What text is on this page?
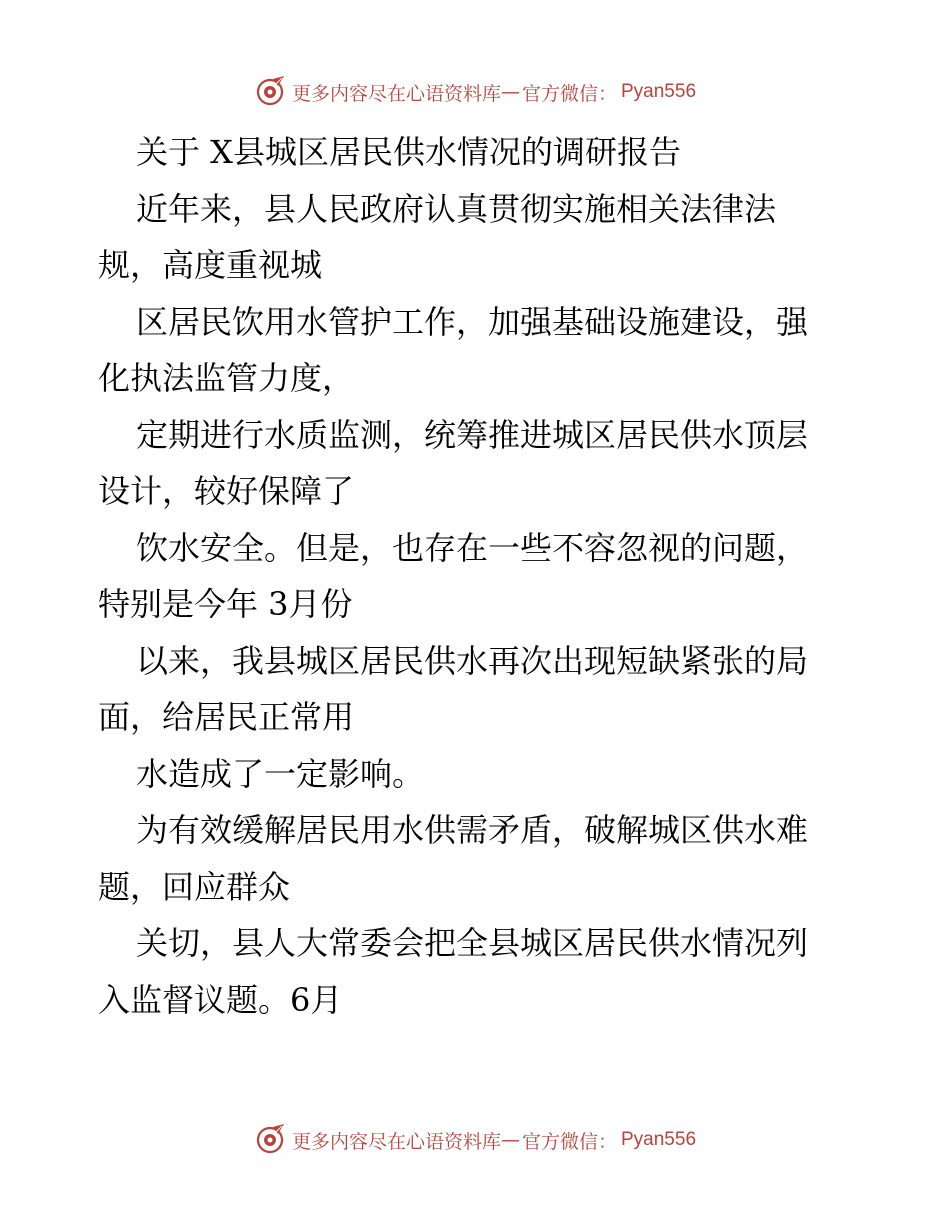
更多内容尽在心语资料库 — 官方微信： Pyan556
关于 X县城区居民供水情况的调研报告
近年来，县人民政府认真贯彻实施相关法律法
规，高度重视城
区居民饮用水管护工作，加强基础设施建设，强
化执法监管力度，
定期进行水质监测，统筹推进城区居民供水顶层
设计，较好保障了
饮水安全。但是，也存在一些不容忽视的问题，
特别是今年 3月份
以来，我县城区居民供水再次出现短缺紧张的局
面，给居民正常用
水造成了一定影响。
为有效缓解居民用水供需矛盾，破解城区供水难
题，回应群众
关切，县人大常委会把全县城区居民供水情况列
入监督议题。6月
更多内容尽在心语资料库 — 官方微信： Pyan556
